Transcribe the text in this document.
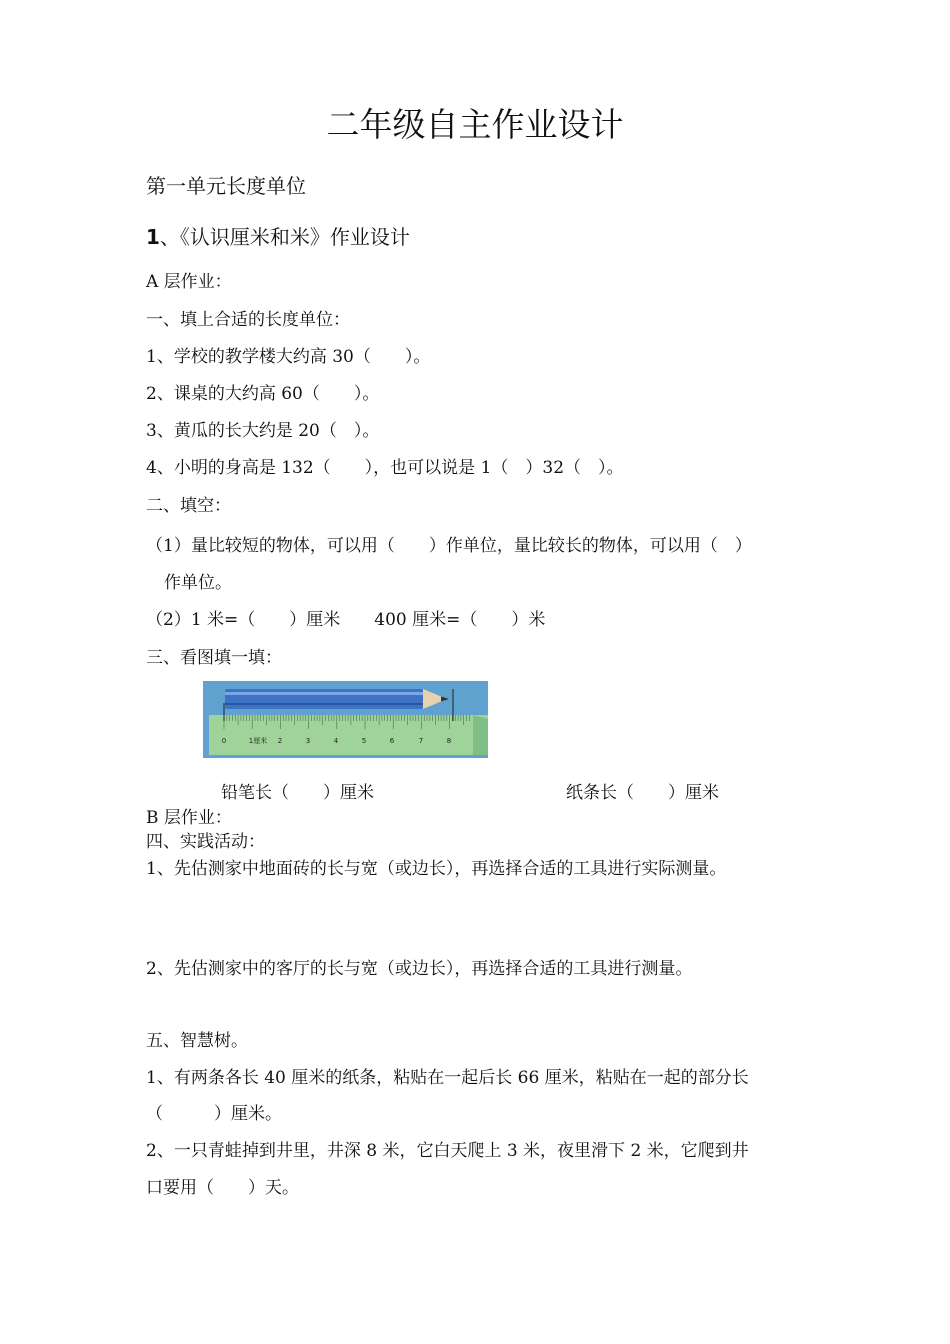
二年级自主作业设计
第一单元长度单位
1、《认识厘米和米》作业设计
A 层作业：
一、填上合适的长度单位：
1、学校的教学楼大约高 30（　　）。
2、课桌的大约高 60（　　）。
3、黄瓜的长大约是 20（　）。
4、小明的身高是 132（　　），也可以说是 1（　）32（　）。
二、填空：
（1）量比较短的物体，可以用（　　）作单位，量比较长的物体，可以用（　）
作单位。
（2）1 米=（　　）厘米　　400 厘米=（　　）米
三、看图填一填：
0	1厘米 2	3	4	5	6	7	8
铅笔长（　　）厘米	纸条长（　　）厘米
B 层作业：
四、实践活动：
1、先估测家中地面砖的长与宽（或边长），再选择合适的工具进行实际测量。
2、先估测家中的客厅的长与宽（或边长），再选择合适的工具进行测量。
五、智慧树。
1、有两条各长 40 厘米的纸条，粘贴在一起后长 66 厘米，粘贴在一起的部分长
（　　　）厘米。
2、一只青蛙掉到井里，井深 8 米，它白天爬上 3 米，夜里滑下 2 米，它爬到井
口要用（　　）天。
